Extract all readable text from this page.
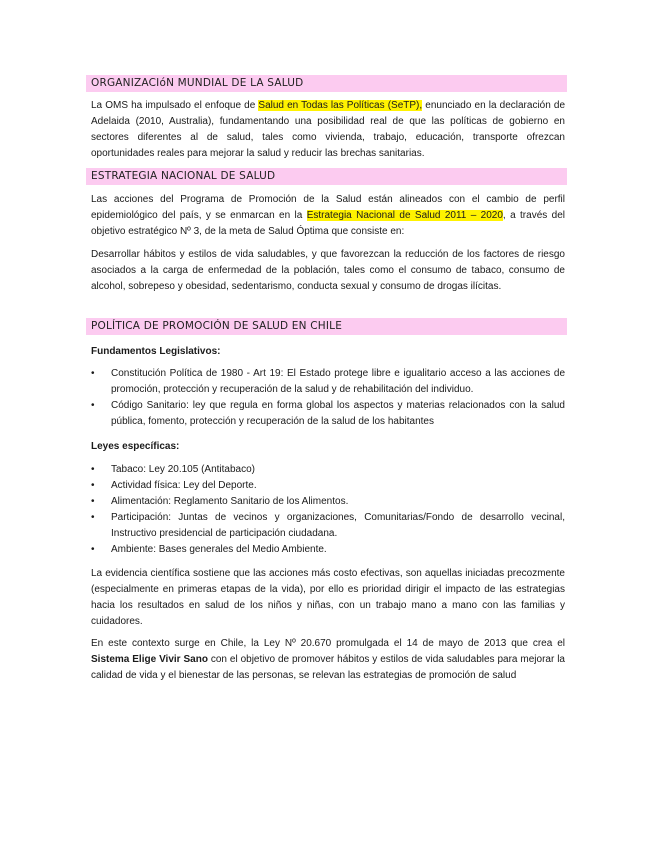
ORGANIZACIóN MUNDIAL DE LA SALUD

La OMS ha impulsado el enfoque de Salud en Todas las Políticas (SeTP), enunciado en la declaración de Adelaida (2010, Australia), fundamentando una posibilidad real de que las políticas de gobierno en sectores diferentes al de salud, tales como vivienda, trabajo, educación, transporte ofrezcan oportunidades reales para mejorar la salud y reducir las brechas sanitarias.

ESTRATEGIA NACIONAL DE SALUD

Las acciones del Programa de Promoción de la Salud están alineados con el cambio de perfil epidemiológico del país, y se enmarcan en la Estrategia Nacional de Salud 2011 – 2020, a través del objetivo estratégico Nº 3, de la meta de Salud Óptima que consiste en:

Desarrollar hábitos y estilos de vida saludables, y que favorezcan la reducción de los factores de riesgo asociados a la carga de enfermedad de la población, tales como el consumo de tabaco, consumo de alcohol, sobrepeso y obesidad, sedentarismo, conducta sexual y consumo de drogas ilícitas.

POLÍTICA DE PROMOCIÓN DE SALUD EN CHILE
Fundamentos Legislativos:
• Constitución Política de 1980 - Art 19: El Estado protege libre e igualitario acceso a las acciones de promoción, protección y recuperación de la salud y de rehabilitación del individuo.
• Código Sanitario: ley que regula en forma global los aspectos y materias relacionados con la salud pública, fomento, protección y recuperación de la salud de los habitantes
Leyes específicas:
• Tabaco: Ley 20.105 (Antitabaco)
• Actividad física: Ley del Deporte.
• Alimentación: Reglamento Sanitario de los Alimentos.
• Participación: Juntas de vecinos y organizaciones, Comunitarias/Fondo de desarrollo vecinal, Instructivo presidencial de participación ciudadana.
• Ambiente: Bases generales del Medio Ambiente.

La evidencia científica sostiene que las acciones más costo efectivas, son aquellas iniciadas precozmente (especialmente en primeras etapas de la vida), por ello es prioridad dirigir el impacto de las estrategias hacia los resultados en salud de los niños y niñas, con un trabajo mano a mano con las familias y cuidadores.

En este contexto surge en Chile, la Ley Nº 20.670 promulgada el 14 de mayo de 2013 que crea el Sistema Elige Vivir Sano con el objetivo de promover hábitos y estilos de vida saludables para mejorar la calidad de vida y el bienestar de las personas, se relevan las estrategias de promoción de salud
